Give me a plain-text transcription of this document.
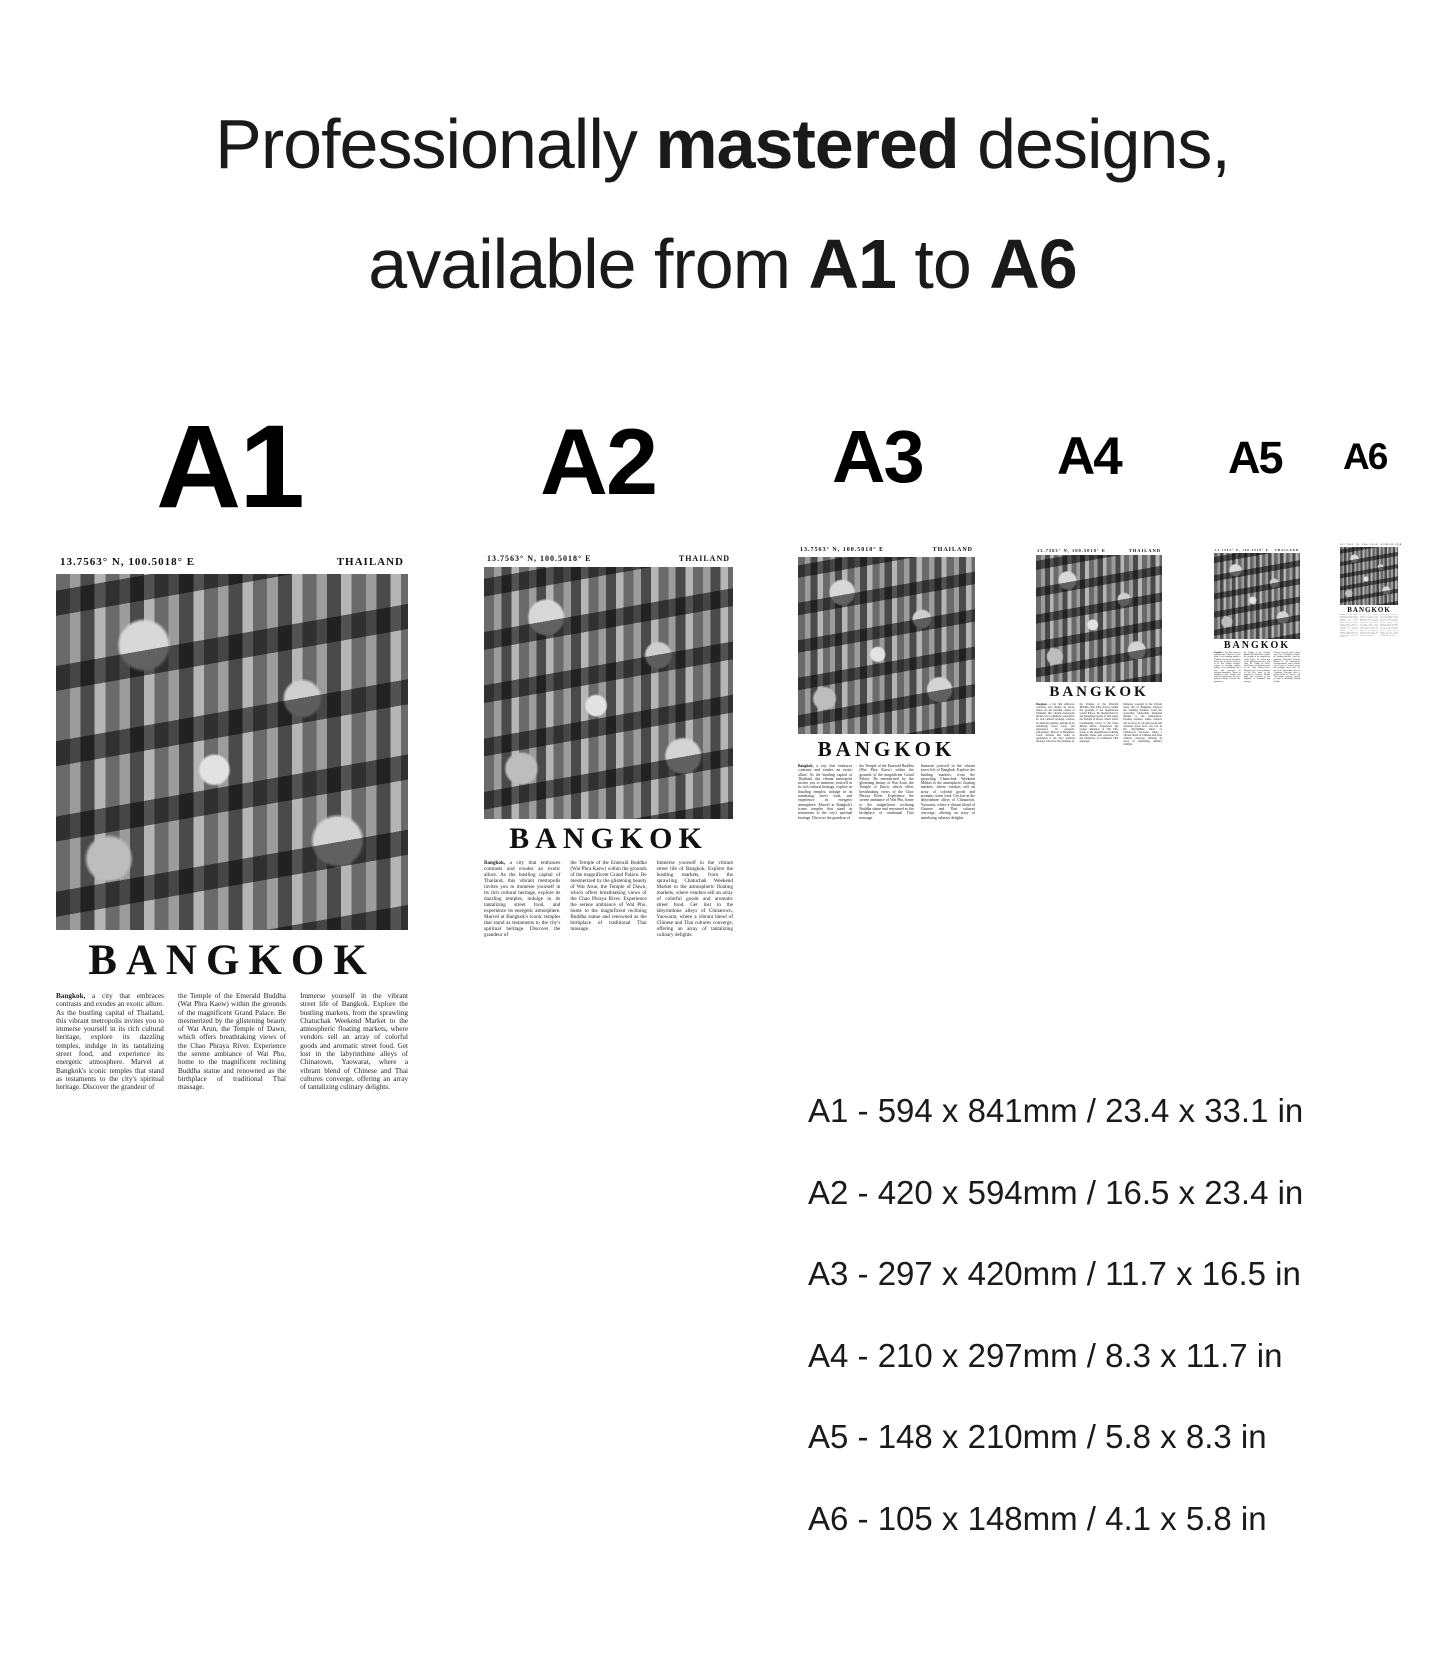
Professionally mastered designs,
available from A1 to A6
A1	A2 A3	A4 A5 A6
13.7563° N, 100.5018° E	THAILAND
BANGKOK

Bangkok, a city that embraces contrasts and exudes an exotic allure. As the bustling capital of Thailand, this vibrant metropolis invites you to immerse yourself in its rich cultural heritage, explore its dazzling temples, indulge in its tantalizing street food, and experience its energetic atmosphere. Marvel at Bangkok's iconic temples that stand as testaments to the city's spiritual heritage. Discover the grandeur of

the Temple of the Emerald Buddha (Wat Phra Kaew) within the grounds of the magnificent Grand Palace. Be mesmerized by the glistening beauty of Wat Arun, the Temple of Dawn, which offers breathtaking views of the Chao Phraya River. Experience the serene ambiance of Wat Pho, home to the magnificent reclining Buddha statue and renowned as the birthplace of traditional Thai massage.

Immerse yourself in the vibrant street life of Bangkok. Explore the bustling markets, from the sprawling Chatuchak Weekend Market to the atmospheric floating markets, where vendors sell an array of colorful goods and aromatic street food. Get lost in the labyrinthine alleys of Chinatown, Yaowarat, where a vibrant blend of Chinese and Thai cultures converge, offering an array of tantalizing culinary delights.

13.7563° N, 100.5018° E	THAILAND
BANGKOK

Bangkok, a city that embraces contrasts and exudes an exotic allure. As the bustling capital of Thailand, this vibrant metropolis invites you to immerse yourself in its rich cultural heritage, explore its dazzling temples, indulge in its tantalizing street food, and experience its energetic atmosphere. Marvel at Bangkok's iconic temples that stand as testaments to the city's spiritual heritage. Discover the grandeur of

the Temple of the Emerald Buddha (Wat Phra Kaew) within the grounds of the magnificent Grand Palace. Be mesmerized by the glistening beauty of Wat Arun, the Temple of Dawn, which offers breathtaking views of the Chao Phraya River. Experience the serene ambiance of Wat Pho, home to the magnificent reclining Buddha statue and renowned as the birthplace of traditional Thai massage.

Immerse yourself in the vibrant street life of Bangkok. Explore the bustling markets, from the sprawling Chatuchak Weekend Market to the atmospheric floating markets, where vendors sell an array of colorful goods and aromatic street food. Get lost in the labyrinthine alleys of Chinatown, Yaowarat, where a vibrant blend of Chinese and Thai cultures converge, offering an array of tantalizing culinary delights.

13.7563° N, 100.5018° E	THAILAND
BANGKOK

Bangkok, a city that embraces contrasts and exudes an exotic allure. As the bustling capital of Thailand, this vibrant metropolis invites you to immerse yourself in its rich cultural heritage, explore its dazzling temples, indulge in its tantalizing street food, and experience its energetic atmosphere. Marvel at Bangkok's iconic temples that stand as testaments to the city's spiritual heritage. Discover the grandeur of

the Temple of the Emerald Buddha (Wat Phra Kaew) within the grounds of the magnificent Grand Palace. Be mesmerized by the glistening beauty of Wat Arun, the Temple of Dawn, which offers breathtaking views of the Chao Phraya River. Experience the serene ambiance of Wat Pho, home to the magnificent reclining Buddha statue and renowned as the birthplace of traditional Thai massage.

Immerse yourself in the vibrant street life of Bangkok. Explore the bustling markets, from the sprawling Chatuchak Weekend Market to the atmospheric floating markets, where vendors sell an array of colorful goods and aromatic street food. Get lost in the labyrinthine alleys of Chinatown, Yaowarat, where a vibrant blend of Chinese and Thai cultures converge, offering an array of tantalizing culinary delights.

13.7563° N, 100.5018° E	THAILAND
BANGKOK

Bangkok, a city that embraces contrasts and exudes an exotic allure. As the bustling capital of Thailand, this vibrant metropolis invites you to immerse yourself in its rich cultural heritage, explore its dazzling temples, indulge in its tantalizing street food, and experience its energetic atmosphere. Marvel at Bangkok's iconic temples that stand as testaments to the city's spiritual heritage. Discover the grandeur of

the Temple of the Emerald Buddha (Wat Phra Kaew) within the grounds of the magnificent Grand Palace. Be mesmerized by the glistening beauty of Wat Arun, the Temple of Dawn, which offers breathtaking views of the Chao Phraya River. Experience the serene ambiance of Wat Pho, home to the magnificent reclining Buddha statue and renowned as the birthplace of traditional Thai massage.

Immerse yourself in the vibrant street life of Bangkok. Explore the bustling markets, from the sprawling Chatuchak Weekend Market to the atmospheric floating markets, where vendors sell an array of colorful goods and aromatic street food. Get lost in the labyrinthine alleys of Chinatown, Yaowarat, where a vibrant blend of Chinese and Thai cultures converge, offering an array of tantalizing culinary delights.

13.7563° N, 100.5018° E THAILAND
BANGKOK

Bangkok, a city that embraces contrasts and exudes an exotic allure. As the bustling capital of Thailand, this vibrant metropolis invites you to immerse yourself in its rich cultural heritage, explore its dazzling temples, indulge in its tantalizing street food, and experience its energetic atmosphere. Marvel at Bangkok's iconic temples that stand as testaments to the city's spiritual heritage. Discover the grandeur of

the Temple of the Emerald Buddha (Wat Phra Kaew) within the grounds of the magnificent Grand Palace. Be mesmerized by the glistening beauty of Wat Arun, the Temple of Dawn, which offers breathtaking views of the Chao Phraya River. Experience the serene ambiance of Wat Pho, home to the magnificent reclining Buddha statue and renowned as the birthplace of traditional Thai massage.

Immerse yourself in the vibrant street life of Bangkok. Explore the bustling markets, from the sprawling Chatuchak Weekend Market to the atmospheric floating markets, where vendors sell an array of colorful goods and aromatic street food. Get lost in the labyrinthine alleys of Chinatown, Yaowarat, where a vibrant blend of Chinese and Thai cultures converge, offering an array of tantalizing culinary delights.

13.7563° N, 100.5018° E THAILAND
BANGKOK

Bangkok, a city that embraces contrasts and exudes an exotic allure. As the bustling capital of Thailand, this vibrant metropolis invites you to immerse yourself in its rich cultural heritage, explore its dazzling temples, indulge in its tantalizing street food, and experience its energetic atmosphere. Marvel at Bangkok's iconic temples that stand as testaments to the city's spiritual heritage. Discover the grandeur of

the Temple of the Emerald Buddha (Wat Phra Kaew) within the grounds of the magnificent Grand Palace. Be mesmerized by the glistening beauty of Wat Arun, the Temple of Dawn, which offers breathtaking views of the Chao Phraya River. Experience the serene ambiance of Wat Pho, home to the magnificent reclining Buddha statue and renowned as the birthplace of traditional Thai massage.

Immerse yourself in the vibrant street life of Bangkok. Explore the bustling markets, from the sprawling Chatuchak Weekend Market to the atmospheric floating markets, where vendors sell an array of colorful goods and aromatic street food. Get lost in the labyrinthine alleys of Chinatown, Yaowarat, where a vibrant blend of Chinese and Thai cultures converge, offering an array of tantalizing culinary delights.

A1 - 594 x 841mm / 23.4 x 33.1 in
A2 - 420 x 594mm / 16.5 x 23.4 in
A3 - 297 x 420mm / 11.7 x 16.5 in
A4 - 210 x 297mm / 8.3 x 11.7 in
A5 - 148 x 210mm / 5.8 x 8.3 in
A6 - 105 x 148mm / 4.1 x 5.8 in
